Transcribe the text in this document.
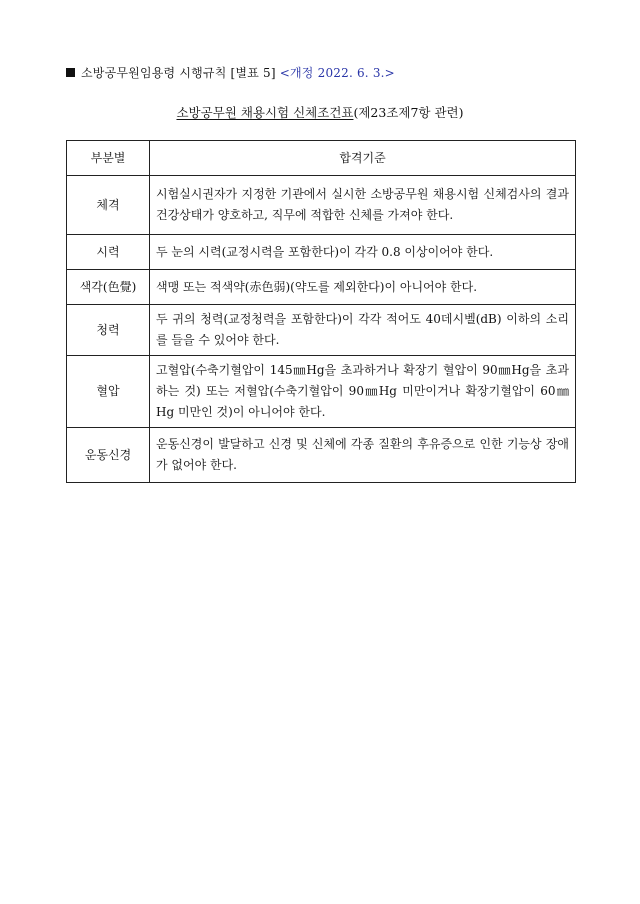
소방공무원임용령 시행규칙 [별표 5] <개정 2022. 6. 3.>
소방공무원 채용시험 신체조건표(제23조제7항 관련)
부분별	합격기준
체격	시험실시권자가 지정한 기관에서 실시한 소방공무원 채용시험 신체검사의 결과 건강상태가 양호하고, 직무에 적합한 신체를 가져야 한다.
시력	두 눈의 시력(교정시력을 포함한다)이 각각 0.8 이상이어야 한다.
색각(色覺)	색맹 또는 적색약(赤色弱)(약도를 제외한다)이 아니어야 한다.
청력	두 귀의 청력(교정청력을 포함한다)이 각각 적어도 40데시벨(dB) 이하의 소리를 들을 수 있어야 한다.
혈압	고혈압(수축기혈압이 145㎜Hg을 초과하거나 확장기 혈압이 90㎜Hg을 초과하는 것) 또는 저혈압(수축기혈압이 90㎜Hg 미만이거나 확장기혈압이 60㎜Hg 미만인 것)이 아니어야 한다.
운동신경	운동신경이 발달하고 신경 및 신체에 각종 질환의 후유증으로 인한 기능상 장애가 없어야 한다.
